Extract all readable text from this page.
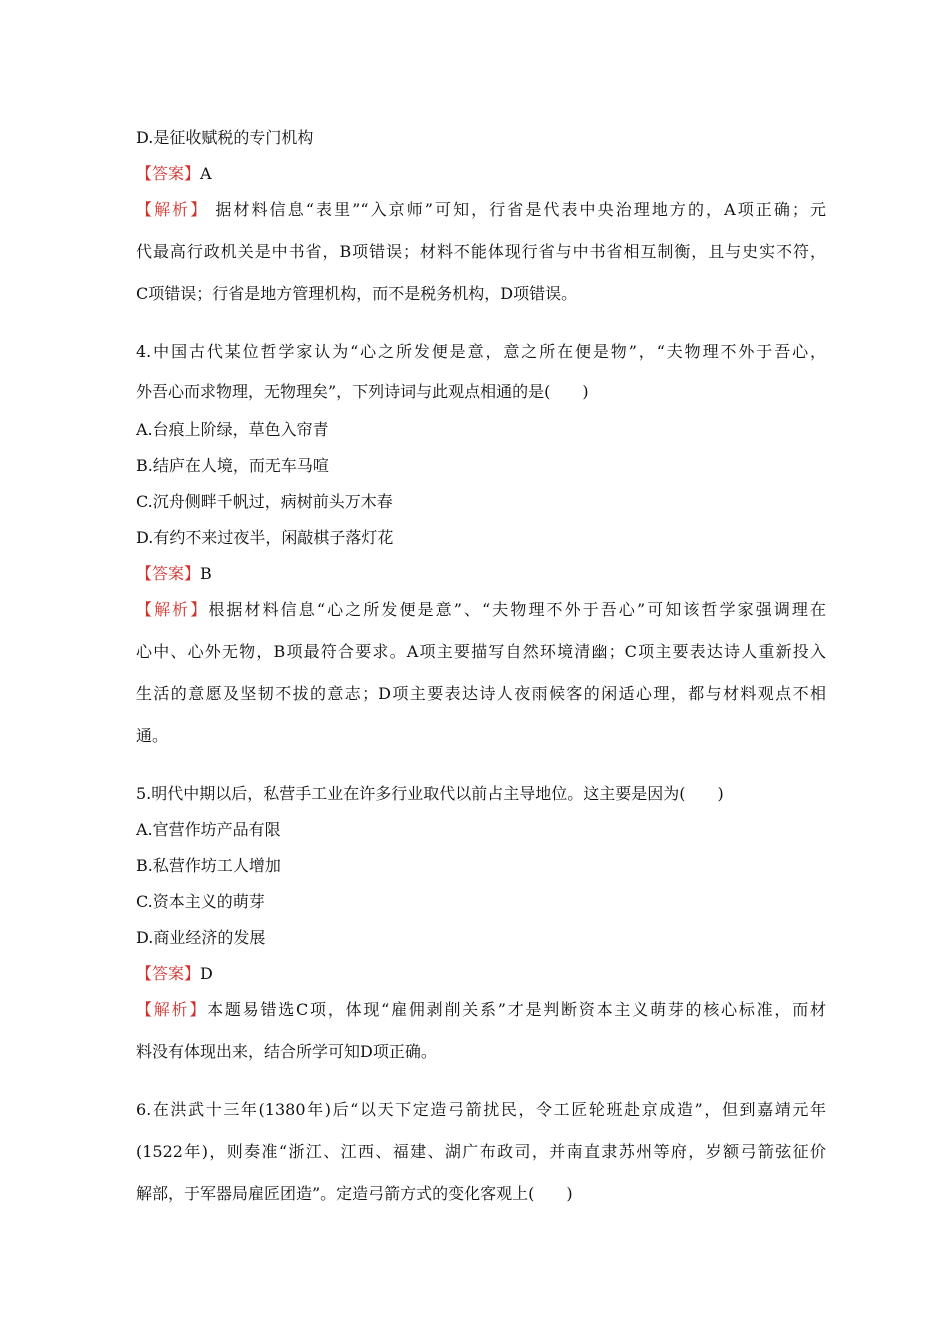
D.是征收赋税的专门机构
【答案】A
【解析】 据材料信息“表里”“入京师”可知，行省是代表中央治理地方的，A项正确；元
代最高行政机关是中书省，B项错误；材料不能体现行省与中书省相互制衡，且与史实不符，
C项错误；行省是地方管理机构，而不是税务机构，D项错误。
4.中国古代某位哲学家认为“心之所发便是意，意之所在便是物”，“夫物理不外于吾心，
外吾心而求物理，无物理矣”，下列诗词与此观点相通的是(　　)
A.台痕上阶绿，草色入帘青
B.结庐在人境，而无车马喧
C.沉舟侧畔千帆过，病树前头万木春
D.有约不来过夜半，闲敲棋子落灯花
【答案】B
【解析】根据材料信息“心之所发便是意”、“夫物理不外于吾心”可知该哲学家强调理在
心中、心外无物，B项最符合要求。A项主要描写自然环境清幽；C项主要表达诗人重新投入
生活的意愿及坚韧不拔的意志；D项主要表达诗人夜雨候客的闲适心理，都与材料观点不相
通。
5.明代中期以后，私营手工业在许多行业取代以前占主导地位。这主要是因为(　　)
A.官营作坊产品有限
B.私营作坊工人增加
C.资本主义的萌芽
D.商业经济的发展
【答案】D
【解析】本题易错选C项，体现“雇佣剥削关系”才是判断资本主义萌芽的核心标准，而材
料没有体现出来，结合所学可知D项正确。
6.在洪武十三年(1380年)后“以天下定造弓箭扰民，令工匠轮班赴京成造”，但到嘉靖元年
(1522年)，则奏准“浙江、江西、福建、湖广布政司，并南直隶苏州等府，岁额弓箭弦征价
解部，于军器局雇匠团造”。定造弓箭方式的变化客观上(　　)
